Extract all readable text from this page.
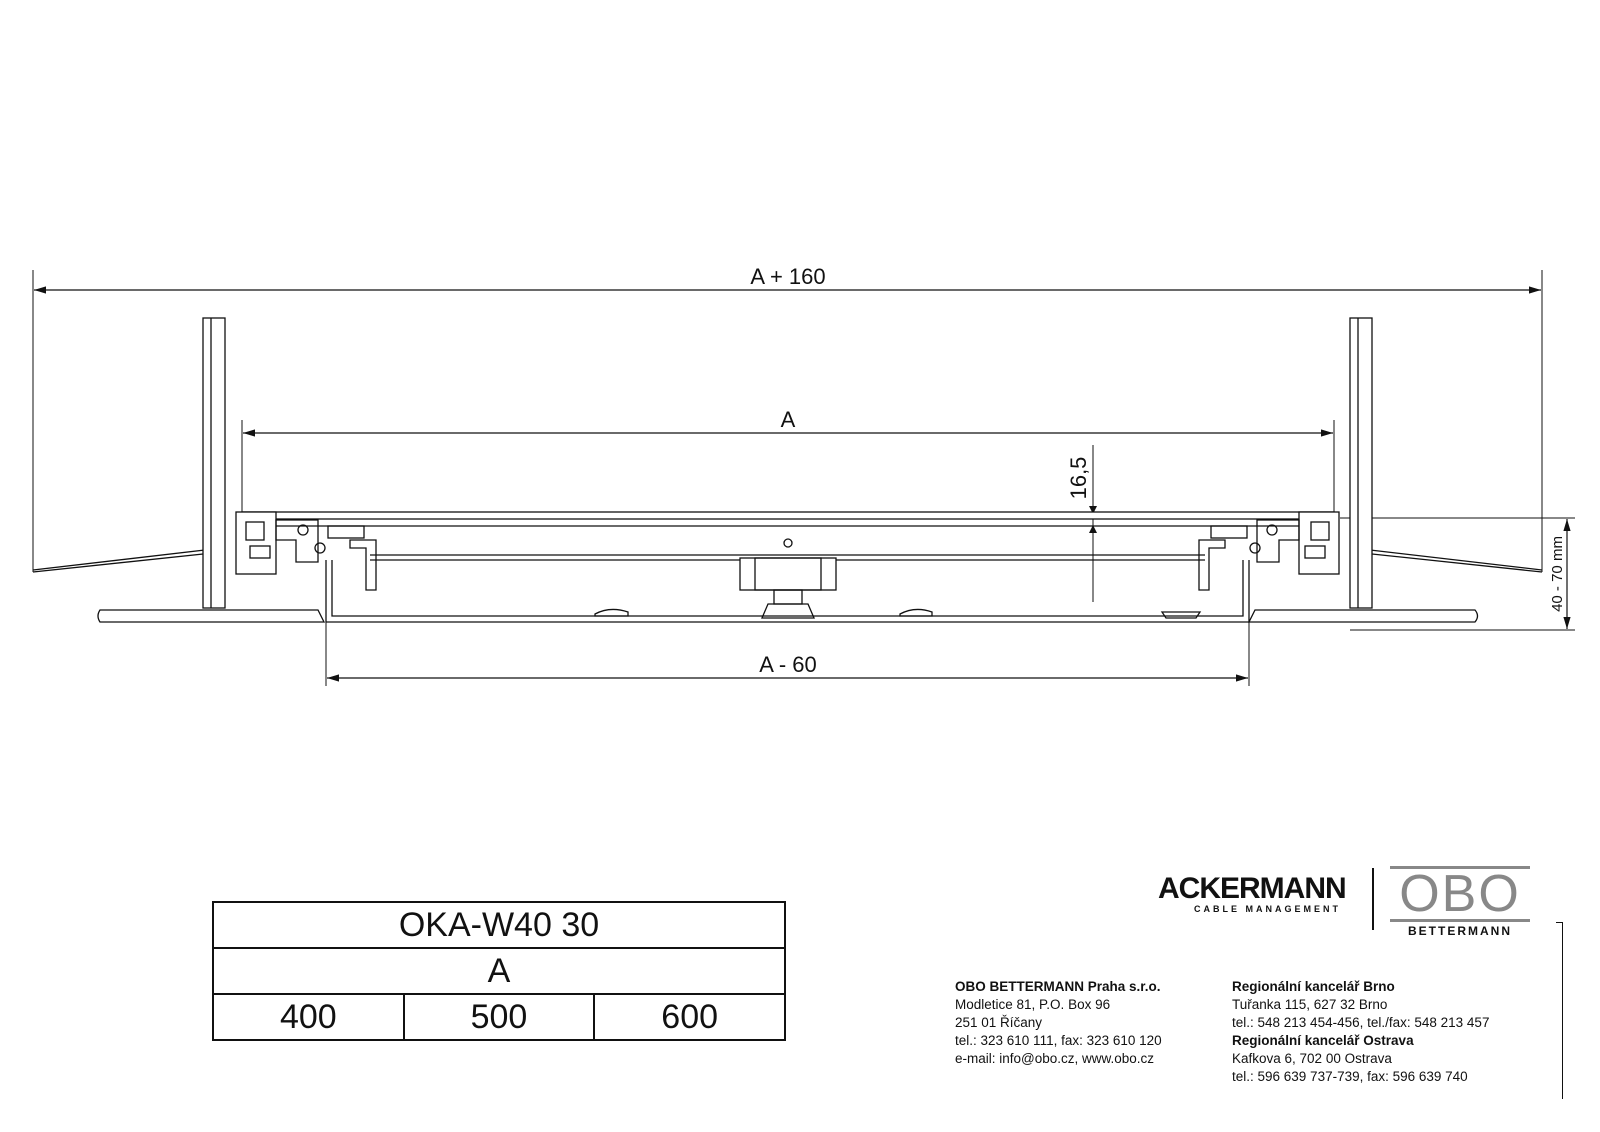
A + 160
A
16,5
40 - 70 mm
A - 60
OKA-W40 30
A
400	500	600
ACKERMANN
CABLE MANAGEMENT OBO
BETTERMANN
OBO BETTERMANN Praha s.r.o.
Modletice 81, P.O. Box 96
251 01 Říčany
tel.: 323 610 111, fax: 323 610 120
e-mail: info@obo.cz, www.obo.cz
Regionální kancelář Brno
Tuřanka 115, 627 32 Brno
tel.: 548 213 454-456, tel./fax: 548 213 457
Regionální kancelář Ostrava
Kafkova 6, 702 00 Ostrava
tel.: 596 639 737-739, fax: 596 639 740
